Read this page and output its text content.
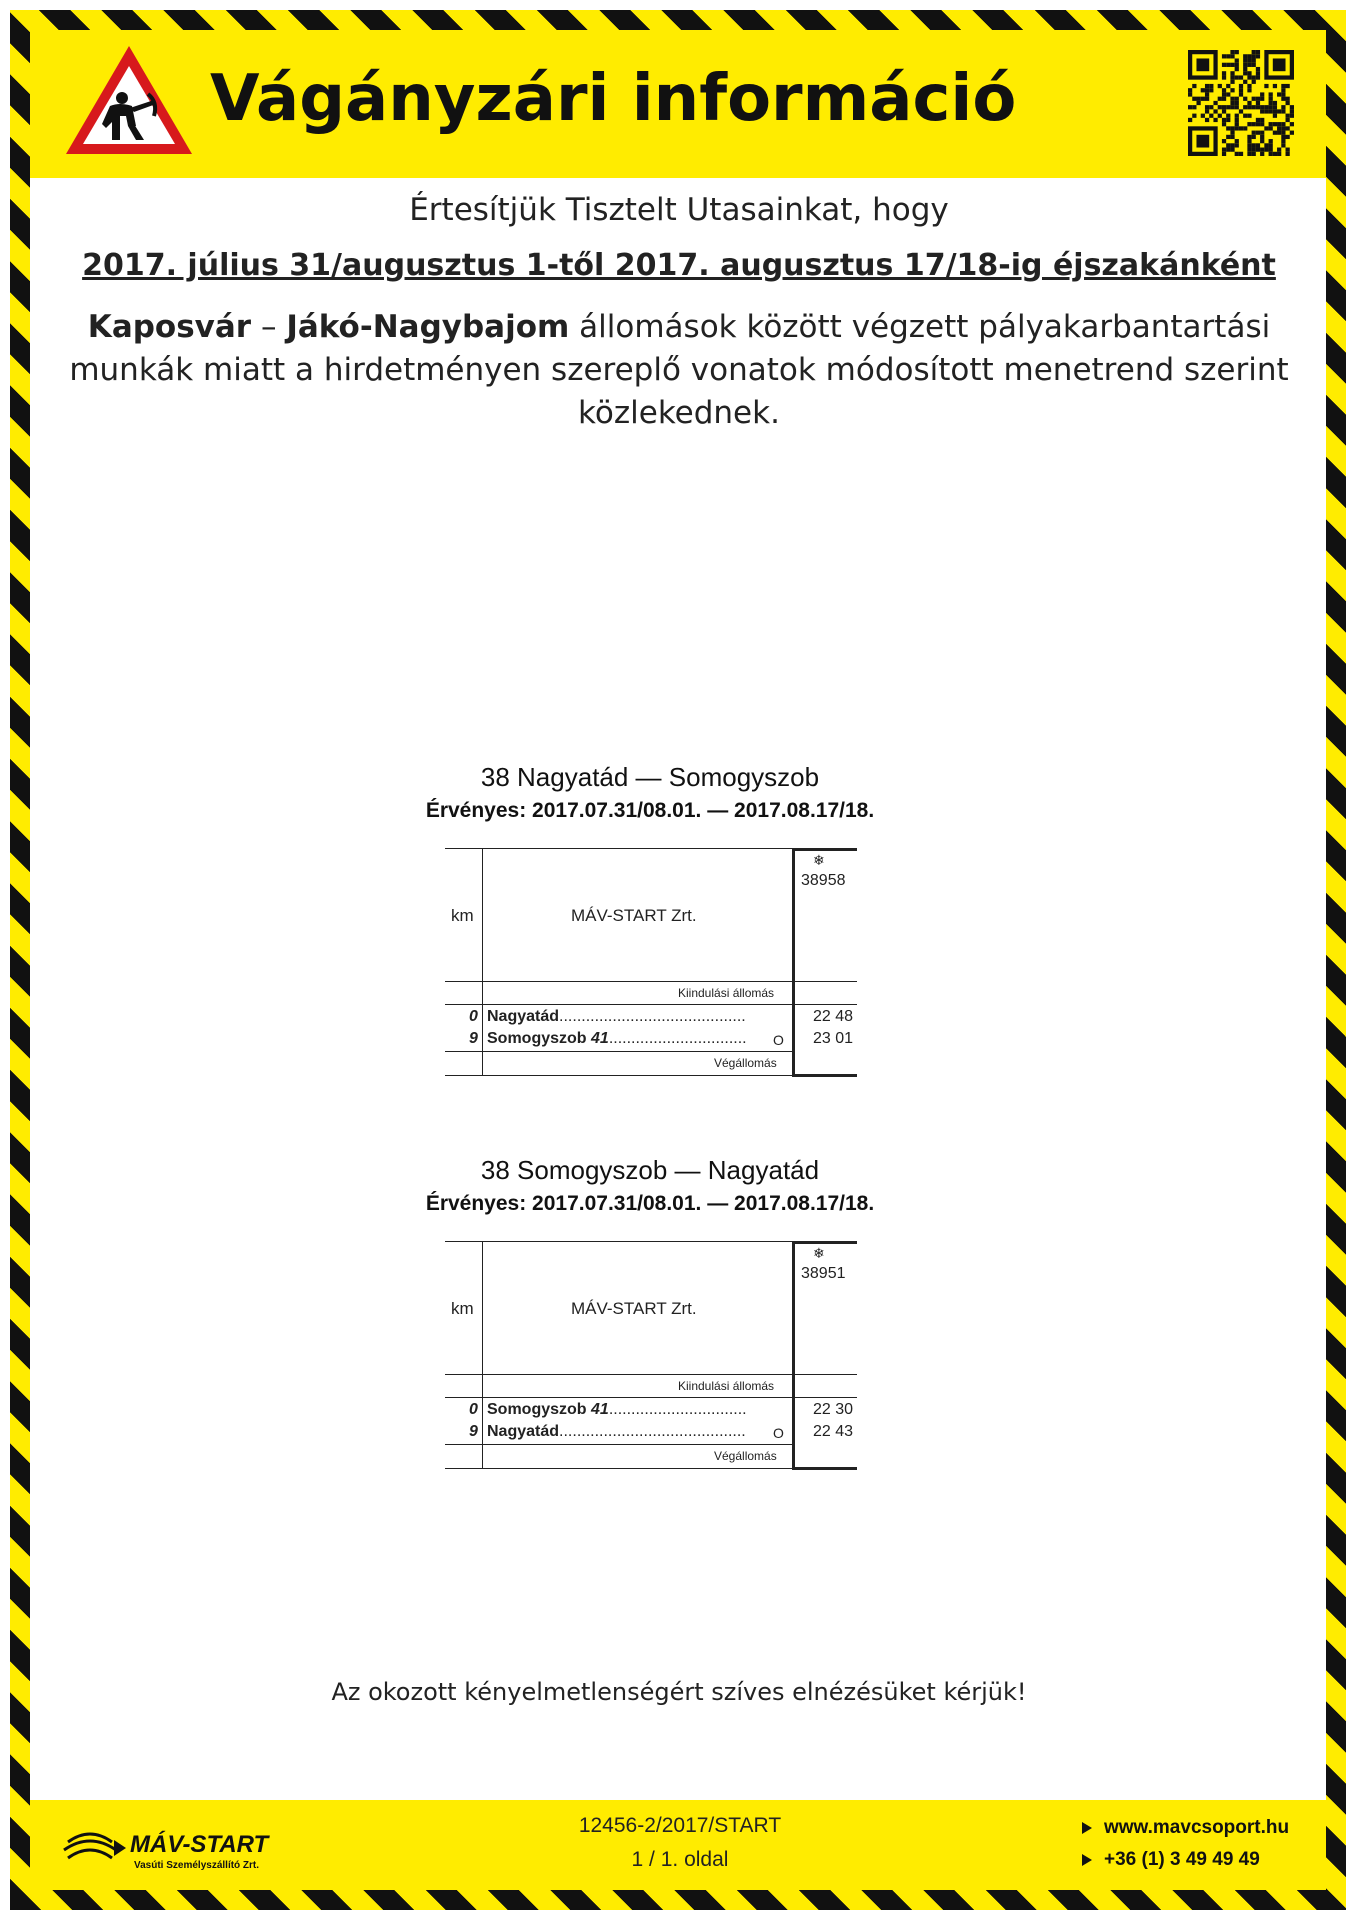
Vágányzári információ
Értesítjük Tisztelt Utasainkat, hogy
2017. július 31/augusztus 1-től 2017. augusztus 17/18-ig éjszakánként
Kaposvár – Jákó-Nagybajom állomások között végzett pályakarbantartási munkák miatt a hirdetményen szereplő vonatok módosított menetrend szerint közlekednek.
38 Nagyatád — Somogyszob
Érvényes: 2017.07.31/08.01. — 2017.08.17/18.
❄
38958
km	MÁV-START Zrt.
Kiindulási állomás
Végállomás
0 Nagyatád..........................................	22 48
9 Somogyszob 41............................... O 23 01
38 Somogyszob — Nagyatád
Érvényes: 2017.07.31/08.01. — 2017.08.17/18.
❄
38951
km	MÁV-START Zrt.
Kiindulási állomás
Végállomás
0 Somogyszob 41...............................	22 30
9 Nagyatád.......................................... O 22 43
Az okozott kényelmetlenségért szíves elnézésüket kérjük!
MÁV-START
Vasúti Személyszállító Zrt.
12456-2/2017/START
1 / 1. oldal
www.mavcsoport.hu
+36 (1) 3 49 49 49
